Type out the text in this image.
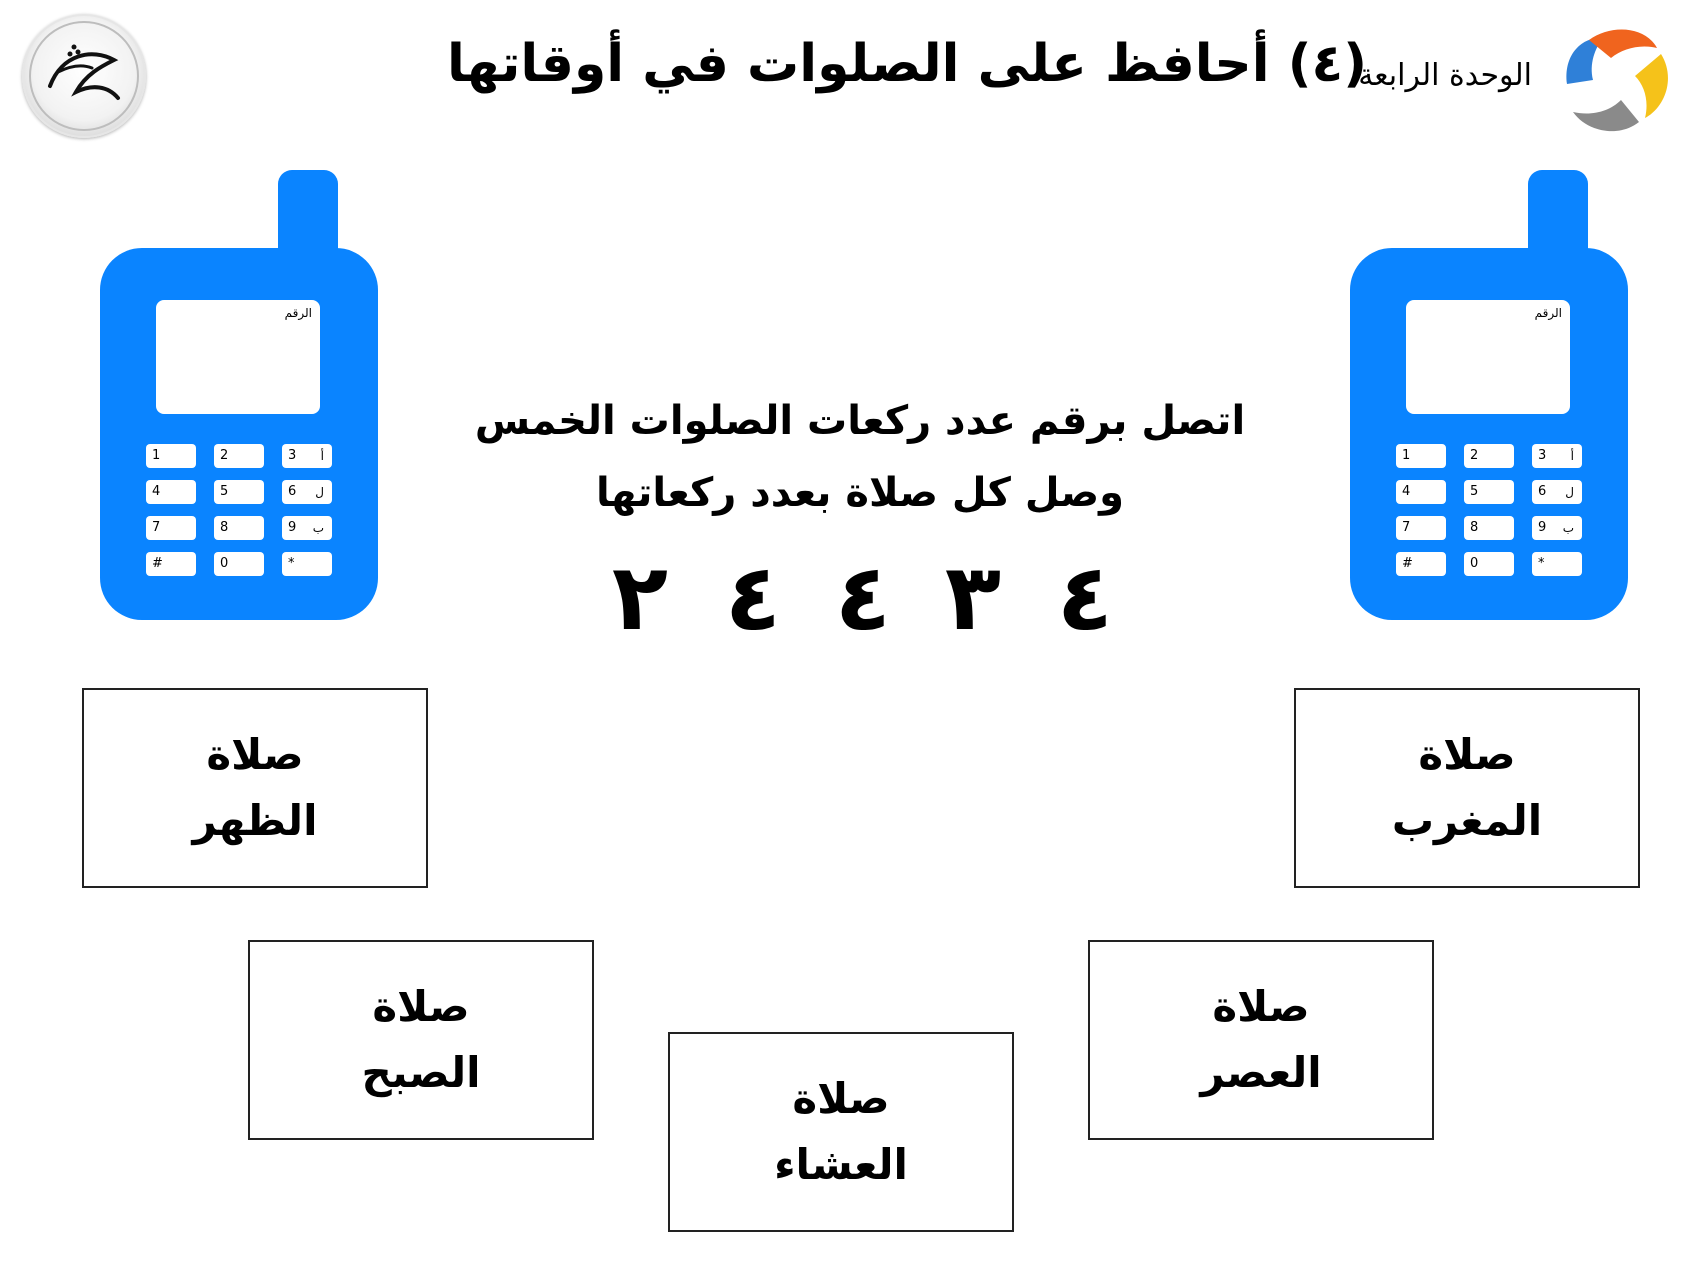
(٤) أحافظ على الصلوات في أوقاتها
الوحدة الرابعة
الرقم
1	2	3 أ
4	5	6 ل
7	8	9 ب
#	0	*
الرقم
1	2	3 أ
4	5	6 ل
7	8	9 ب
#	0	*
اتصل برقم عدد ركعات الصلوات الخمس
وصل كل صلاة بعدد ركعاتها
٢ ٤ ٤ ٣ ٤
صلاة
الظهر
صلاة
المغرب
صلاة
الصبح
صلاة
العصر
صلاة
العشاء
